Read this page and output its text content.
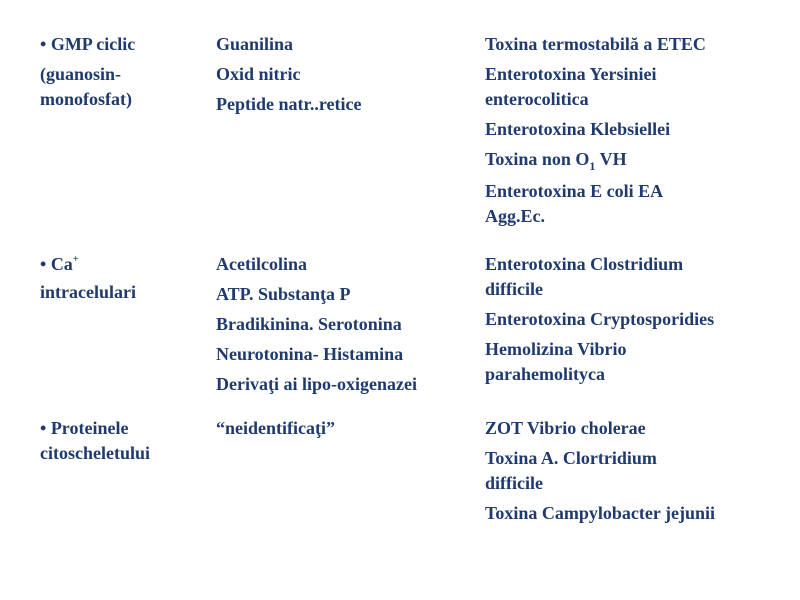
• GMP ciclic
(guanosin-monofosfat)
Guanilina
Oxid nitric
Peptide natr..retice
Toxina termostabilă a ETEC
Enterotoxina Yersiniei enterocolitica
Enterotoxina Klebsiellei
Toxina non $O_1$ VH
Enterotoxina E coli EA Agg.Ec.
• Ca+
intracelulari
Acetilcolina
ATP. Substanţa P
Bradikinina. Serotonina
Neurotonina- Histamina
Derivaţi ai lipo-oxigenazei
Enterotoxina Clostridium difficile
Enterotoxina Cryptosporidies
Hemolizina Vibrio parahemolityca
• Proteinele
citoscheletului
“neidentificaţi”	ZOT Vibrio cholerae
Toxina A. Clortridium difficile
Toxina Campylobacter jejunii
